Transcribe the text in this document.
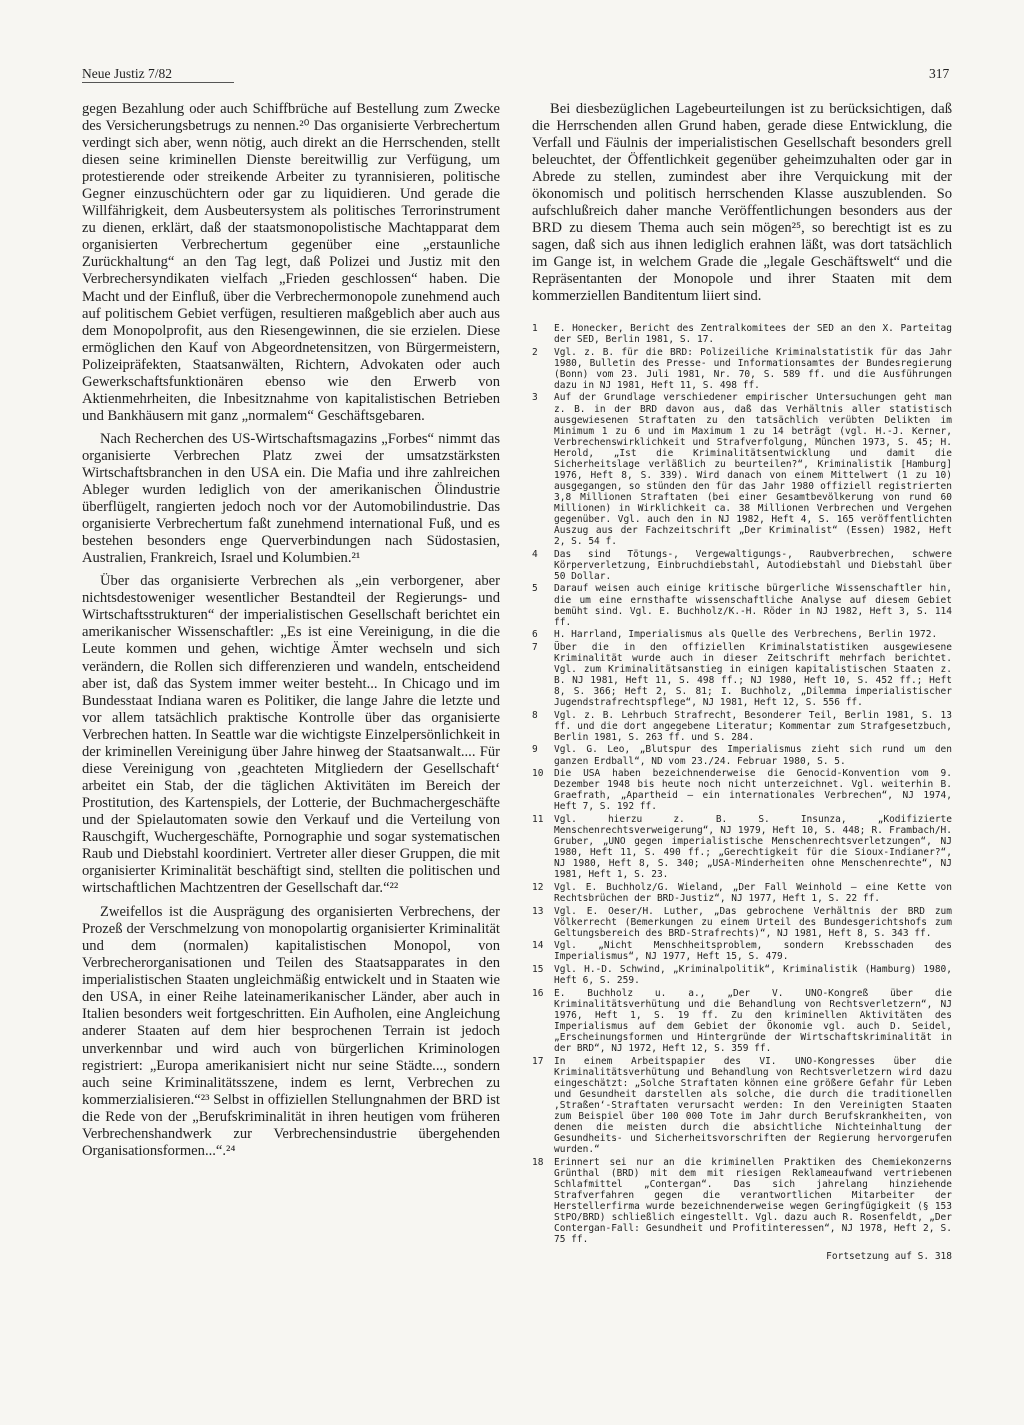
Neue Justiz 7/82	317

gegen Bezahlung oder auch Schiffbrüche auf Bestellung zum Zwecke des Versicherungsbetrugs zu nennen.²⁰ Das organisierte Verbrechertum verdingt sich aber, wenn nötig, auch direkt an die Herrschenden, stellt diesen seine kriminellen Dienste bereitwillig zur Verfügung, um protestierende oder streikende Arbeiter zu tyrannisieren, politische Gegner einzuschüchtern oder gar zu liquidieren. Und gerade die Willfährigkeit, dem Ausbeutersystem als politisches Terrorinstrument zu dienen, erklärt, daß der staatsmonopolistische Machtapparat dem organisierten Verbrechertum gegenüber eine „erstaunliche Zurückhaltung“ an den Tag legt, daß Polizei und Justiz mit den Verbrechersyndikaten vielfach „Frieden geschlossen“ haben. Die Macht und der Einfluß, über die Verbrechermonopole zunehmend auch auf politischem Gebiet verfügen, resultieren maßgeblich aber auch aus dem Monopolprofit, aus den Riesengewinnen, die sie erzielen. Diese ermöglichen den Kauf von Abgeordnetensitzen, von Bürgermeistern, Polizeipräfekten, Staatsanwälten, Richtern, Advokaten oder auch Gewerkschaftsfunktionären ebenso wie den Erwerb von Aktienmehrheiten, die Inbesitznahme von kapitalistischen Betrieben und Bankhäusern mit ganz „normalem“ Geschäftsgebaren.

Nach Recherchen des US-Wirtschaftsmagazins „Forbes“ nimmt das organisierte Verbrechen Platz zwei der umsatzstärksten Wirtschaftsbranchen in den USA ein. Die Mafia und ihre zahlreichen Ableger wurden lediglich von der amerikanischen Ölindustrie überflügelt, rangierten jedoch noch vor der Automobilindustrie. Das organisierte Verbrechertum faßt zunehmend international Fuß, und es bestehen besonders enge Querverbindungen nach Südostasien, Australien, Frankreich, Israel und Kolumbien.²¹

Über das organisierte Verbrechen als „ein verborgener, aber nichtsdestoweniger wesentlicher Bestandteil der Regierungs- und Wirtschaftsstrukturen“ der imperialistischen Gesellschaft berichtet ein amerikanischer Wissenschaftler: „Es ist eine Vereinigung, in die die Leute kommen und gehen, wichtige Ämter wechseln und sich verändern, die Rollen sich differenzieren und wandeln, entscheidend aber ist, daß das System immer weiter besteht... In Chicago und im Bundesstaat Indiana waren es Politiker, die lange Jahre die letzte und vor allem tatsächlich praktische Kontrolle über das organisierte Verbrechen hatten. In Seattle war die wichtigste Einzelpersönlichkeit in der kriminellen Vereinigung über Jahre hinweg der Staatsanwalt.... Für diese Vereinigung von ‚geachteten Mitgliedern der Gesellschaft‘ arbeitet ein Stab, der die täglichen Aktivitäten im Bereich der Prostitution, des Kartenspiels, der Lotterie, der Buchmachergeschäfte und der Spielautomaten sowie den Verkauf und die Verteilung von Rauschgift, Wuchergeschäfte, Pornographie und sogar systematischen Raub und Diebstahl koordiniert. Vertreter aller dieser Gruppen, die mit organisierter Kriminalität beschäftigt sind, stellten die politischen und wirtschaftlichen Machtzentren der Gesellschaft dar.“²²

Zweifellos ist die Ausprägung des organisierten Verbrechens, der Prozeß der Verschmelzung von monopolartig organisierter Kriminalität und dem (normalen) kapitalistischen Monopol, von Verbrecherorganisationen und Teilen des Staatsapparates in den imperialistischen Staaten ungleichmäßig entwickelt und in Staaten wie den USA, in einer Reihe lateinamerikanischer Länder, aber auch in Italien besonders weit fortgeschritten. Ein Aufholen, eine Angleichung anderer Staaten auf dem hier besprochenen Terrain ist jedoch unverkennbar und wird auch von bürgerlichen Kriminologen registriert: „Europa amerikanisiert nicht nur seine Städte..., sondern auch seine Kriminalitätsszene, indem es lernt, Verbrechen zu kommerzialisieren.“²³ Selbst in offiziellen Stellungnahmen der BRD ist die Rede von der „Berufskriminalität in ihren heutigen vom früheren Verbrechenshandwerk zur Verbrechensindustrie übergehenden Organisationsformen...“.²⁴

Bei diesbezüglichen Lagebeurteilungen ist zu berücksichtigen, daß die Herrschenden allen Grund haben, gerade diese Entwicklung, die Verfall und Fäulnis der imperialistischen Gesellschaft besonders grell beleuchtet, der Öffentlichkeit gegenüber geheimzuhalten oder gar in Abrede zu stellen, zumindest aber ihre Verquickung mit der ökonomisch und politisch herrschenden Klasse auszublenden. So aufschlußreich daher manche Veröffentlichungen besonders aus der BRD zu diesem Thema auch sein mögen²⁵, so berechtigt ist es zu sagen, daß sich aus ihnen lediglich erahnen läßt, was dort tatsächlich im Gange ist, in welchem Grade die „legale Geschäftswelt“ und die Repräsentanten der Monopole und ihrer Staaten mit dem kommerziellen Banditentum liiert sind.

1	E. Honecker, Bericht des Zentralkomitees der SED an den X. Parteitag der SED, Berlin 1981, S. 17.
2	Vgl. z. B. für die BRD: Polizeiliche Kriminalstatistik für das Jahr 1980, Bulletin des Presse- und Informationsamtes der Bundesregierung (Bonn) vom 23. Juli 1981, Nr. 70, S. 589 ff. und die Ausführungen dazu in NJ 1981, Heft 11, S. 498 ff.
3	Auf der Grundlage verschiedener empirischer Untersuchungen geht man z. B. in der BRD davon aus, daß das Verhältnis aller statistisch ausgewiesenen Straftaten zu den tatsächlich verübten Delikten im Minimum 1 zu 6 und im Maximum 1 zu 14 beträgt (vgl. H.-J. Kerner, Verbrechenswirklichkeit und Strafverfolgung, München 1973, S. 45; H. Herold, „Ist die Kriminalitätsentwicklung und damit die Sicherheitslage verläßlich zu beurteilen?“, Kriminalistik [Hamburg] 1976, Heft 8, S. 339). Wird danach von einem Mittelwert (1 zu 10) ausgegangen, so stünden den für das Jahr 1980 offiziell registrierten 3,8 Millionen Straftaten (bei einer Gesamtbevölkerung von rund 60 Millionen) in Wirklichkeit ca. 38 Millionen Verbrechen und Vergehen gegenüber. Vgl. auch den in NJ 1982, Heft 4, S. 165 veröffentlichten Auszug aus der Fachzeitschrift „Der Kriminalist“ (Essen) 1982, Heft 2, S. 54 f.
4	Das sind Tötungs-, Vergewaltigungs-, Raubverbrechen, schwere Körperverletzung, Einbruchdiebstahl, Autodiebstahl und Diebstahl über 50 Dollar.
5	Darauf weisen auch einige kritische bürgerliche Wissenschaftler hin, die um eine ernsthafte wissenschaftliche Analyse auf diesem Gebiet bemüht sind. Vgl. E. Buchholz/K.-H. Röder in NJ 1982, Heft 3, S. 114 ff.
6	H. Harrland, Imperialismus als Quelle des Verbrechens, Berlin 1972.
7	Über die in den offiziellen Kriminalstatistiken ausgewiesene Kriminalität wurde auch in dieser Zeitschrift mehrfach berichtet. Vgl. zum Kriminalitätsanstieg in einigen kapitalistischen Staaten z. B. NJ 1981, Heft 11, S. 498 ff.; NJ 1980, Heft 10, S. 452 ff.; Heft 8, S. 366; Heft 2, S. 81; I. Buchholz, „Dilemma imperialistischer Jugendstrafrechtspflege“, NJ 1981, Heft 12, S. 556 ff.
8	Vgl. z. B. Lehrbuch Strafrecht, Besonderer Teil, Berlin 1981, S. 13 ff. und die dort angegebene Literatur; Kommentar zum Strafgesetzbuch, Berlin 1981, S. 263 ff. und S. 284.
9	Vgl. G. Leo, „Blutspur des Imperialismus zieht sich rund um den ganzen Erdball“, ND vom 23./24. Februar 1980, S. 5.
10	Die USA haben bezeichnenderweise die Genocid-Konvention vom 9. Dezember 1948 bis heute noch nicht unterzeichnet. Vgl. weiterhin B. Graefrath, „Apartheid – ein internationales Verbrechen“, NJ 1974, Heft 7, S. 192 ff.
11	Vgl. hierzu z. B. S. Insunza, „Kodifizierte Menschenrechtsverweigerung“, NJ 1979, Heft 10, S. 448; R. Frambach/H. Gruber, „UNO gegen imperialistische Menschenrechtsverletzungen“, NJ 1980, Heft 11, S. 490 ff.; „Gerechtigkeit für die Sioux-Indianer?“, NJ 1980, Heft 8, S. 340; „USA-Minderheiten ohne Menschenrechte“, NJ 1981, Heft 1, S. 23.
12	Vgl. E. Buchholz/G. Wieland, „Der Fall Weinhold – eine Kette von Rechtsbrüchen der BRD-Justiz“, NJ 1977, Heft 1, S. 22 ff.
13	Vgl. E. Oeser/H. Luther, „Das gebrochene Verhältnis der BRD zum Völkerrecht (Bemerkungen zu einem Urteil des Bundesgerichtshofs zum Geltungsbereich des BRD-Strafrechts)“, NJ 1981, Heft 8, S. 343 ff.
14	Vgl. „Nicht Menschheitsproblem, sondern Krebsschaden des Imperialismus“, NJ 1977, Heft 15, S. 479.
15	Vgl. H.-D. Schwind, „Kriminalpolitik“, Kriminalistik (Hamburg) 1980, Heft 6, S. 259.
16	E. Buchholz u. a., „Der V. UNO-Kongreß über die Kriminalitätsverhütung und die Behandlung von Rechtsverletzern“, NJ 1976, Heft 1, S. 19 ff. Zu den kriminellen Aktivitäten des Imperialismus auf dem Gebiet der Ökonomie vgl. auch D. Seidel, „Erscheinungsformen und Hintergründe der Wirtschaftskriminalität in der BRD“, NJ 1972, Heft 12, S. 359 ff.
17	In einem Arbeitspapier des VI. UNO-Kongresses über die Kriminalitätsverhütung und Behandlung von Rechtsverletzern wird dazu eingeschätzt: „Solche Straftaten können eine größere Gefahr für Leben und Gesundheit darstellen als solche, die durch die traditionellen ‚Straßen‘-Straftaten verursacht werden: In den Vereinigten Staaten zum Beispiel über 100 000 Tote im Jahr durch Berufskrankheiten, von denen die meisten durch die absichtliche Nichteinhaltung der Gesundheits- und Sicherheitsvorschriften der Regierung hervorgerufen wurden.“
18	Erinnert sei nur an die kriminellen Praktiken des Chemiekonzerns Grünthal (BRD) mit dem mit riesigen Reklameaufwand vertriebenen Schlafmittel „Contergan“. Das sich jahrelang hinziehende Strafverfahren gegen die verantwortlichen Mitarbeiter der Herstellerfirma wurde bezeichnenderweise wegen Geringfügigkeit (§ 153 StPO/BRD) schließlich eingestellt. Vgl. dazu auch R. Rosenfeldt, „Der Contergan-Fall: Gesundheit und Profitinteressen“, NJ 1978, Heft 2, S. 75 ff.
Fortsetzung auf S. 318
